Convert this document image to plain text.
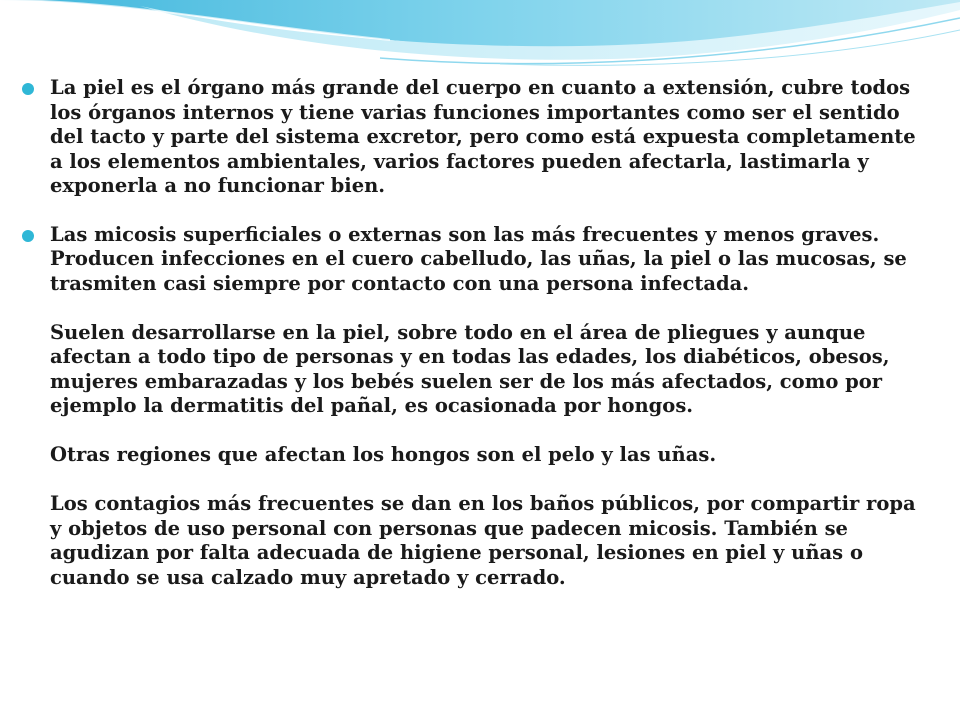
La piel es el órgano más grande del cuerpo en cuanto a extensión, cubre todos los órganos internos y tiene varias funciones importantes como ser el sentido del tacto y parte del sistema excretor, pero como está expuesta completamente a los elementos ambientales, varios factores pueden afectarla, lastimarla y exponerla a no funcionar bien.

Las micosis superficiales o externas son las más frecuentes y menos graves. Producen infecciones en el cuero cabelludo, las uñas, la piel o las mucosas, se trasmiten casi siempre por contacto con una persona infectada.

Suelen desarrollarse en la piel, sobre todo en el área de pliegues y aunque afectan a todo tipo de personas y en todas las edades, los diabéticos, obesos, mujeres embarazadas y los bebés suelen ser de los más afectados, como por ejemplo la dermatitis del pañal, es ocasionada por hongos.

Otras regiones que afectan los hongos son el pelo y las uñas.

Los contagios más frecuentes se dan en los baños públicos, por compartir ropa y objetos de uso personal con personas que padecen micosis. También se agudizan por falta adecuada de higiene personal, lesiones en piel y uñas o cuando se usa calzado muy apretado y cerrado.
